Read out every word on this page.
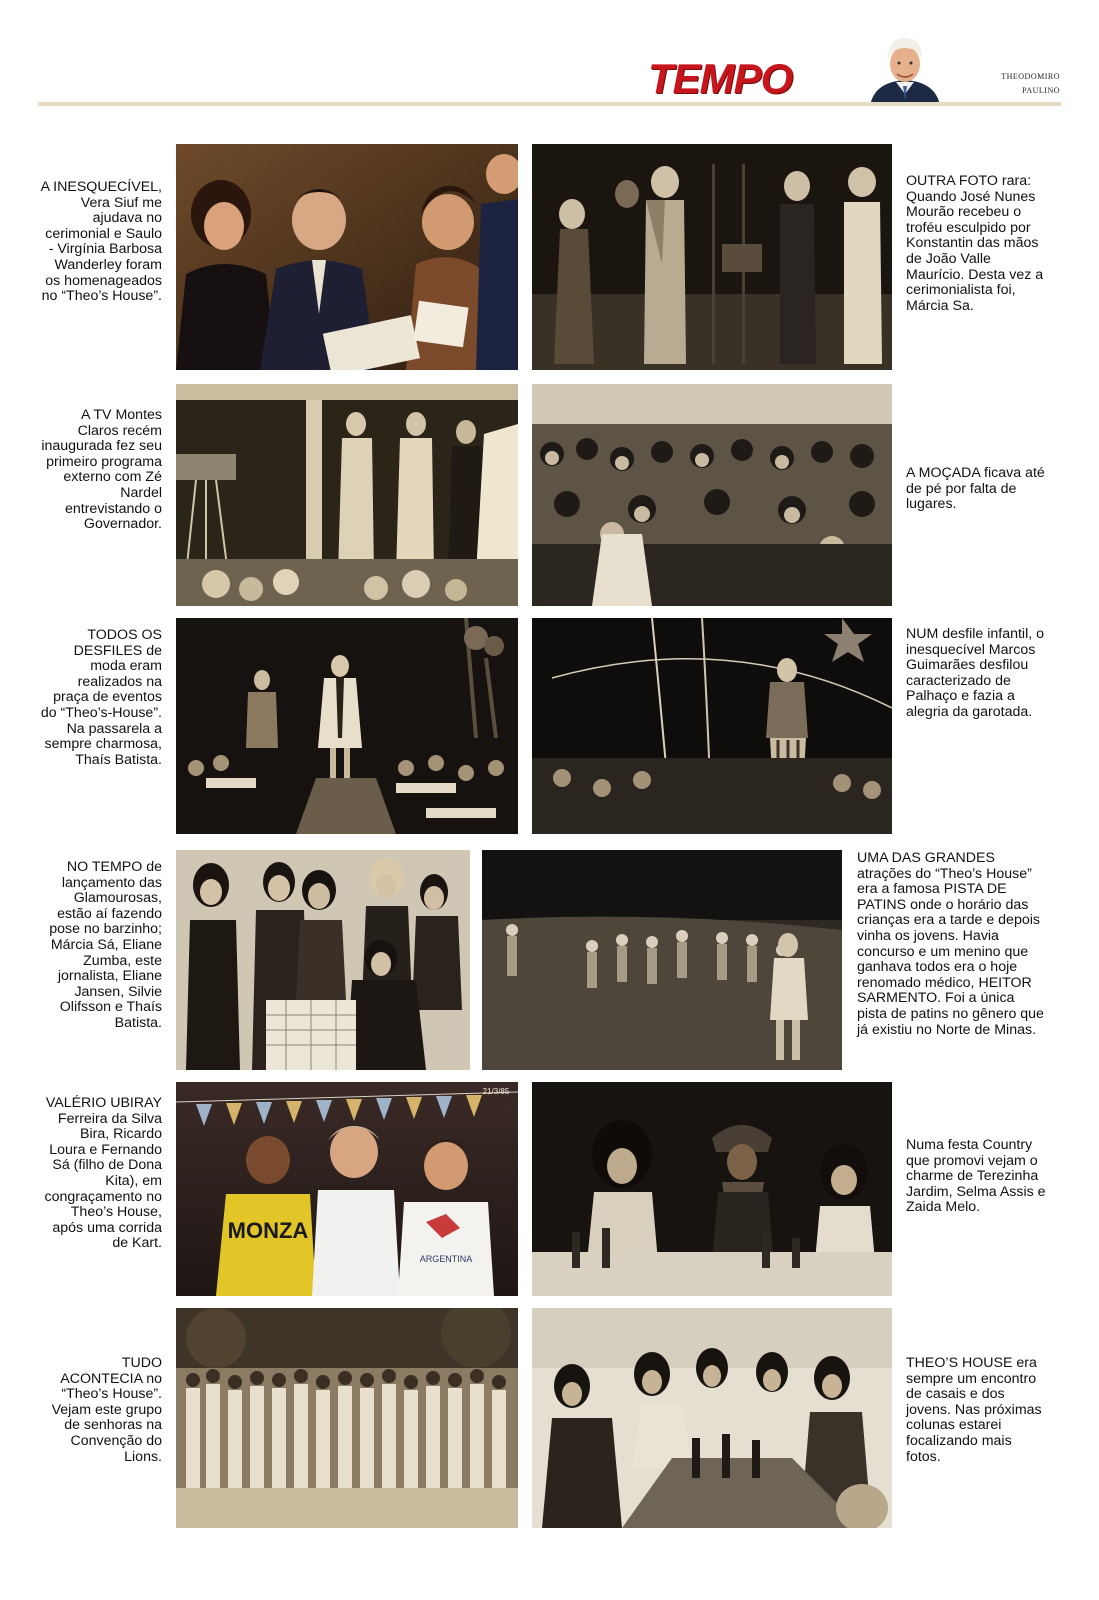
TEMPO	THEODOMIRO
PAULINO
A INESQUECÍVEL, Vera Siuf me ajudava no cerimonial e Saulo - Virgínia Barbosa Wanderley foram os homenageados no “Theo’s House”.
OUTRA FOTO rara: Quando José Nunes Mourão recebeu o troféu esculpido por Konstantin das mãos de João Valle Maurício. Desta vez a cerimonialista foi, Márcia Sa.
A TV Montes Claros recém inaugurada fez seu primeiro programa externo com Zé Nardel entrevistando o Governador.
A MOÇADA ficava até de pé por falta de lugares.
TODOS OS DESFILES de moda eram realizados na praça de eventos do “Theo’s-House”. Na passarela a sempre charmosa, Thaís Batista.
NUM desfile infantil, o inesquecível Marcos Guimarães desfilou caracterizado de Palhaço e fazia a alegria da garotada.
NO TEMPO de lançamento das Glamourosas, estão aí fazendo pose no barzinho; Márcia Sá, Eliane Zumba, este jornalista, Eliane Jansen, Silvie Olifsson e Thaís Batista.
UMA DAS GRANDES atrações do “Theo’s House” era a famosa PISTA DE PATINS onde o horário das crianças era a tarde e depois vinha os jovens. Havia concurso e um menino que ganhava todos era o hoje renomado médico, HEITOR SARMENTO. Foi a única pista de patins no gênero que já existiu no Norte de Minas.
VALÉRIO UBIRAY Ferreira da Silva Bira, Ricardo Loura e Fernando Sá (filho de Dona Kita), em congraçamento no Theo’s House, após uma corrida de Kart.
MONZA
ARGENTINA
21/3/85
Numa festa Country que promovi vejam o charme de Terezinha Jardim, Selma Assis e Zaida Melo.
TUDO ACONTECIA no “Theo’s House”. Vejam este grupo de senhoras na Convenção do Lions.
THEO’S HOUSE era sempre um encontro de casais e dos jovens. Nas próximas colunas estarei focalizando mais fotos.
